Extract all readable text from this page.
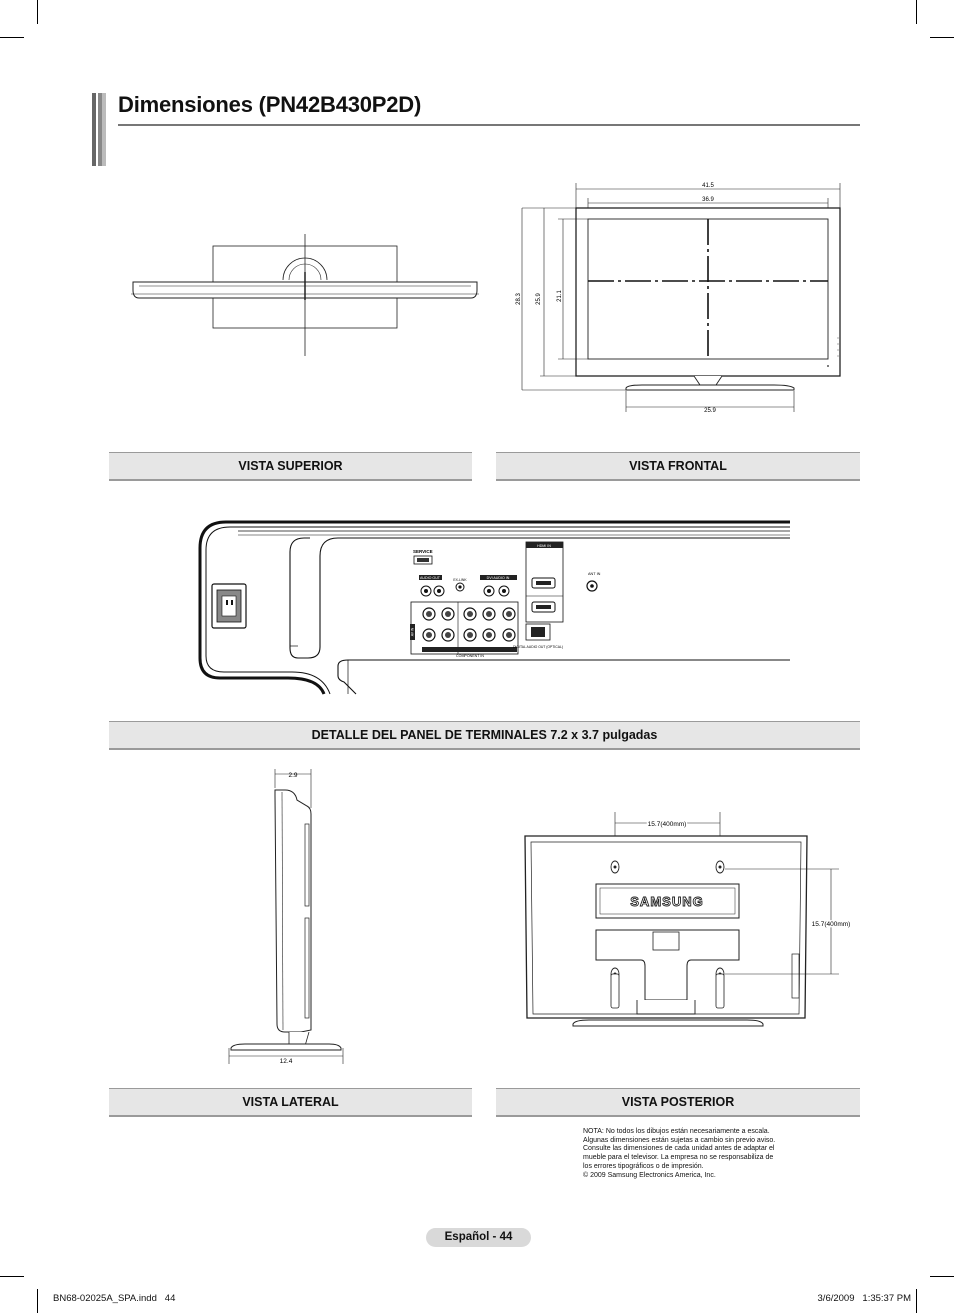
Dimensiones (PN42B430P2D)
41.5
36.9
25.9
28.3 25.9	21.1
VISTA SUPERIOR	VISTA FRONTAL
SERVICE
AUDIO OUT	DVI AUDIO IN
EX-LINK
AV IN
COMPONENT IN
HDMI IN
DIGITAL AUDIO OUT (OPTICAL)
ANT IN
DETALLE DEL PANEL DE TERMINALES 7.2 x 3.7 pulgadas
2.9
12.4
15.7(400mm)
SAMSUNG
15.7(400mm)
VISTA LATERAL	VISTA POSTERIOR
NOTA: No todos los dibujos están necesariamente a escala.
Algunas dimensiones están sujetas a cambio sin previo aviso.
Consulte las dimensiones de cada unidad antes de adaptar el
mueble para el televisor. La empresa no se responsabiliza de
los errores tipográficos o de impresión.
© 2009 Samsung Electronics America, Inc.
Español - 44
BN68-02025A_SPA.indd   44	3/6/2009   1:35:37 PM
